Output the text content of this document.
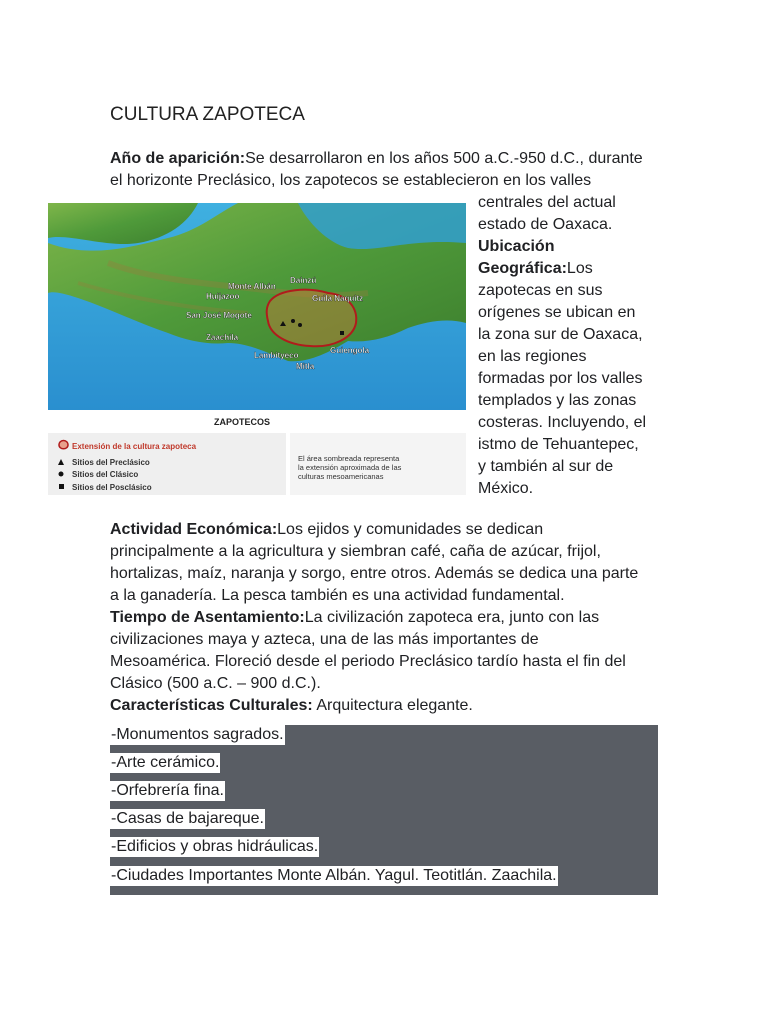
CULTURA ZAPOTECA
Año de aparición:Se desarrollaron en los años 500 a.C.-950 d.C., durante
el horizonte Preclásico, los zapotecos se establecieron en los valles
Monte Albán
Dainzú
Huijazoo	Guila Naquitz
San José Mogote
Zaachila
Lambityeco
Mitla
Guiengola
ZAPOTECOS
Extensión de la cultura zapoteca
Sitios del Preclásico
Sitios del Clásico
Sitios del Posclásico
El área sombreada representa
la extensión aproximada de las
culturas mesoamericanas

centrales del actual

estado de Oaxaca.

Ubicación

Geográfica:Los

zapotecas en sus

orígenes se ubican en

la zona sur de Oaxaca,

en las regiones

formadas por los valles

templados y las zonas

costeras. Incluyendo, el

istmo de Tehuantepec,

y también al sur de

México.

Actividad Económica:Los ejidos y comunidades se dedican

principalmente a la agricultura y siembran café, caña de azúcar, frijol,

hortalizas, maíz, naranja y sorgo, entre otros. Además se dedica una parte

a la ganadería. La pesca también es una actividad fundamental.

Tiempo de Asentamiento:La civilización zapoteca era, junto con las

civilizaciones maya y azteca, una de las más importantes de

Mesoamérica. Floreció desde el periodo Preclásico tardío hasta el fin del

Clásico (500 a.C. – 900 d.C.).

Características Culturales: Arquitectura elegante.

-Monumentos sagrados.
-Arte cerámico.
-Orfebrería fina.
-Casas de bajareque.
-Edificios y obras hidráulicas.
-Ciudades Importantes Monte Albán. Yagul. Teotitlán. Zaachila.
